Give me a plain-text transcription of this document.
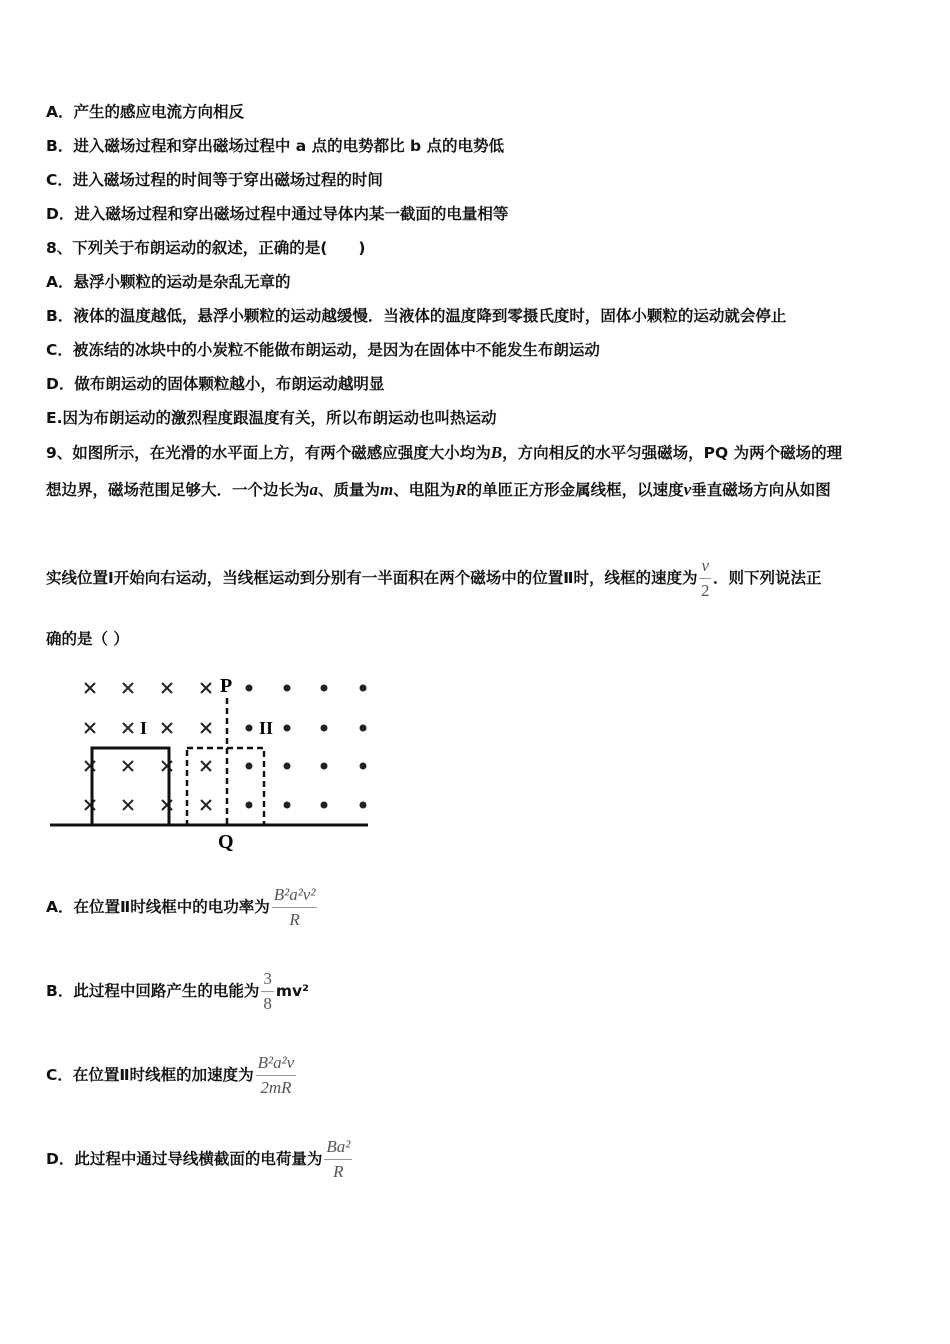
A．产生的感应电流方向相反
B．进入磁场过程和穿出磁场过程中 a 点的电势都比 b 点的电势低
C．进入磁场过程的时间等于穿出磁场过程的时间
D．进入磁场过程和穿出磁场过程中通过导体内某一截面的电量相等
8、下列关于布朗运动的叙述，正确的是(　　)
A．悬浮小颗粒的运动是杂乱无章的
B．液体的温度越低，悬浮小颗粒的运动越缓慢．当液体的温度降到零摄氏度时，固体小颗粒的运动就会停止
C．被冻结的冰块中的小炭粒不能做布朗运动，是因为在固体中不能发生布朗运动
D．做布朗运动的固体颗粒越小，布朗运动越明显
E.因为布朗运动的激烈程度跟温度有关，所以布朗运动也叫热运动
9、如图所示，在光滑的水平面上方，有两个磁感应强度大小均为B，方向相反的水平匀强磁场，PQ 为两个磁场的理
想边界，磁场范围足够大．一个边长为a、质量为m、电阻为R的单匝正方形金属线框，以速度v垂直磁场方向从如图
实线位置Ⅰ开始向右运动，当线框运动到分别有一半面积在两个磁场中的位置Ⅱ时，线框的速度为 $\frac{v}{2}$ ．则下列说法正
确的是（ ）
P
Q
I	II
A．在位置Ⅱ时线框中的电功率为 $\frac{\text{B²a²v²}}{R}$
B．此过程中回路产生的电能为 $\frac{3}{8} mv^2$
C．在位置Ⅱ时线框的加速度为 $\frac{\text{B²a²v}}{2mR}$
D．此过程中通过导线横截面的电荷量为 $\frac{\text{Ba²}}{R}$
